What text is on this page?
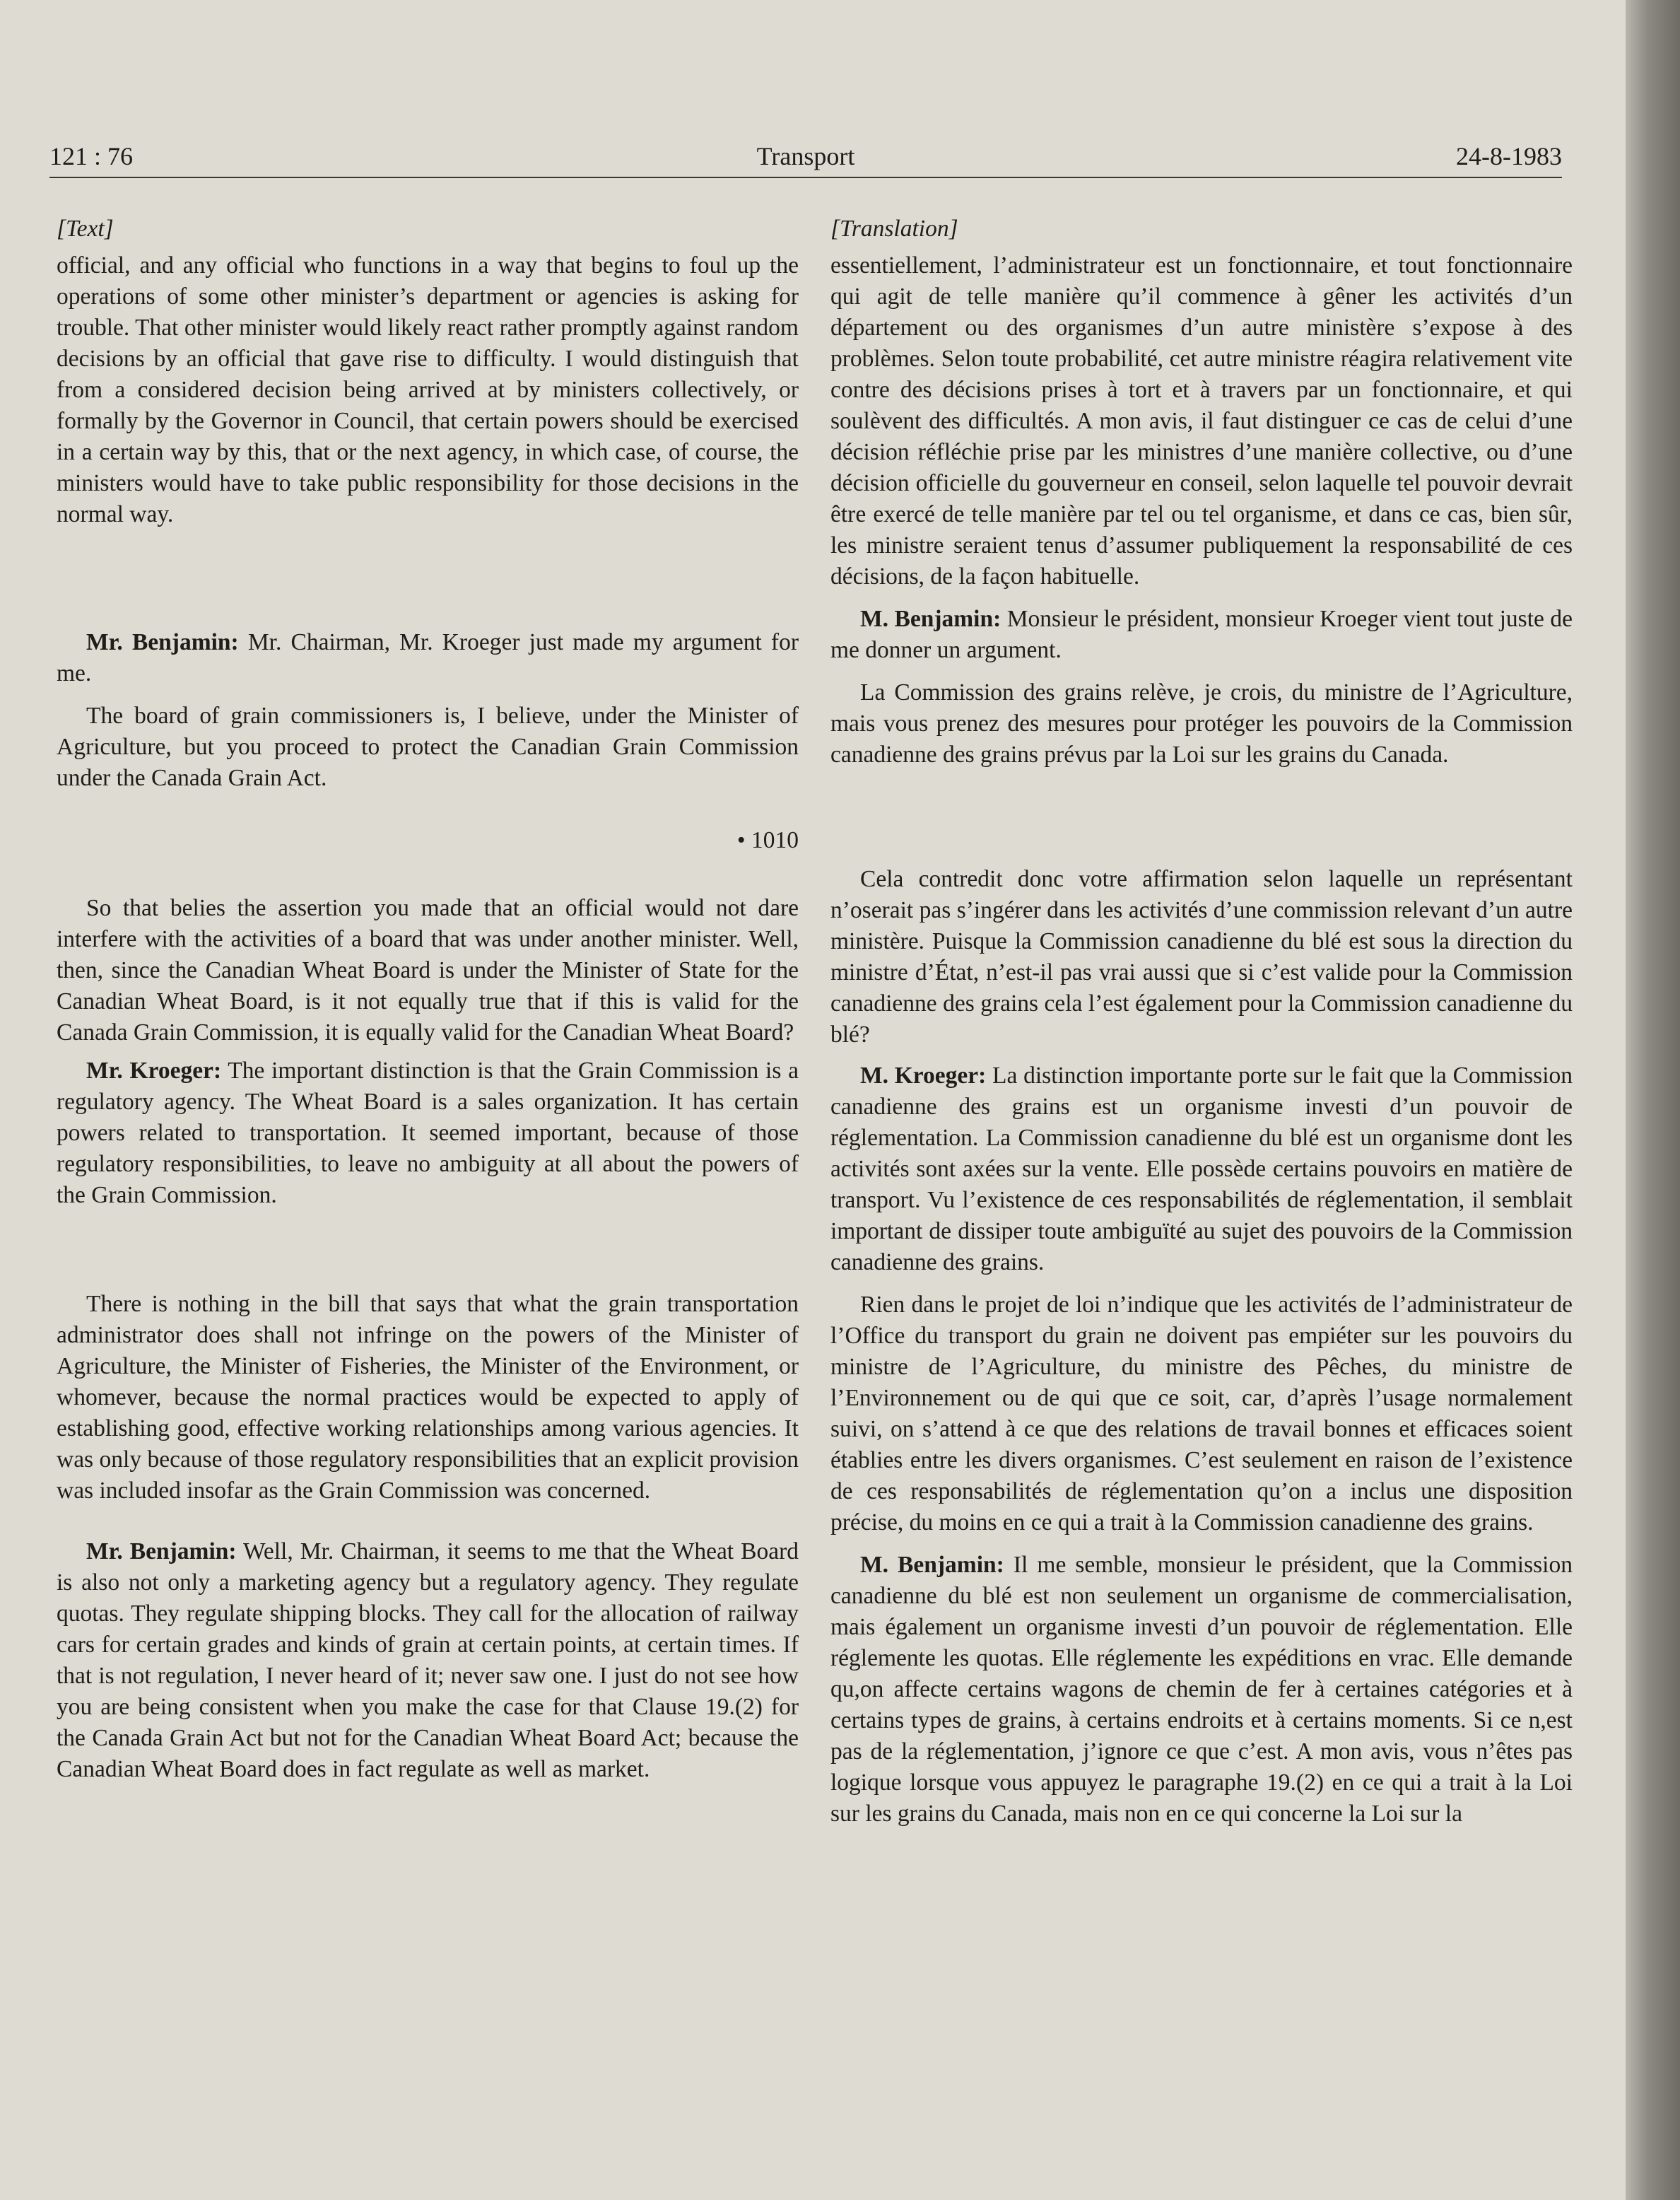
121 : 76	Transport	24-8-1983
[Text]

official, and any official who functions in a way that begins to foul up the operations of some other minister’s department or agencies is asking for trouble. That other minister would likely react rather promptly against random decisions by an official that gave rise to difficulty. I would distinguish that from a considered decision being arrived at by ministers collectively, or formally by the Governor in Council, that certain powers should be exercised in a certain way by this, that or the next agency, in which case, of course, the ministers would have to take public responsibility for those decisions in the normal way.

Mr. Benjamin: Mr. Chairman, Mr. Kroeger just made my argument for me.

The board of grain commissioners is, I believe, under the Minister of Agriculture, but you proceed to protect the Canadian Grain Commission under the Canada Grain Act.

• 1010

So that belies the assertion you made that an official would not dare interfere with the activities of a board that was under another minister. Well, then, since the Canadian Wheat Board is under the Minister of State for the Canadian Wheat Board, is it not equally true that if this is valid for the Canada Grain Commission, it is equally valid for the Canadian Wheat Board?

Mr. Kroeger: The important distinction is that the Grain Commission is a regulatory agency. The Wheat Board is a sales organization. It has certain powers related to transportation. It seemed important, because of those regulatory responsibilities, to leave no ambiguity at all about the powers of the Grain Commission.

There is nothing in the bill that says that what the grain transportation administrator does shall not infringe on the powers of the Minister of Agriculture, the Minister of Fisheries, the Minister of the Environment, or whomever, because the normal practices would be expected to apply of establishing good, effective working relationships among various agencies. It was only because of those regulatory responsibilities that an explicit provision was included insofar as the Grain Commission was concerned.

Mr. Benjamin: Well, Mr. Chairman, it seems to me that the Wheat Board is also not only a marketing agency but a regulatory agency. They regulate quotas. They regulate shipping blocks. They call for the allocation of railway cars for certain grades and kinds of grain at certain points, at certain times. If that is not regulation, I never heard of it; never saw one. I just do not see how you are being consistent when you make the case for that Clause 19.(2) for the Canada Grain Act but not for the Canadian Wheat Board Act; because the Canadian Wheat Board does in fact regulate as well as market.

[Translation]

essentiellement, l’administrateur est un fonctionnaire, et tout fonctionnaire qui agit de telle manière qu’il commence à gêner les activités d’un département ou des organismes d’un autre ministère s’expose à des problèmes. Selon toute probabilité, cet autre ministre réagira relativement vite contre des décisions prises à tort et à travers par un fonctionnaire, et qui soulèvent des difficultés. A mon avis, il faut distinguer ce cas de celui d’une décision réfléchie prise par les ministres d’une manière collective, ou d’une décision officielle du gouverneur en conseil, selon laquelle tel pouvoir devrait être exercé de telle manière par tel ou tel organisme, et dans ce cas, bien sûr, les ministre seraient tenus d’assumer publiquement la responsabilité de ces décisions, de la façon habituelle.

M. Benjamin: Monsieur le président, monsieur Kroeger vient tout juste de me donner un argument.

La Commission des grains relève, je crois, du ministre de l’Agriculture, mais vous prenez des mesures pour protéger les pouvoirs de la Commission canadienne des grains prévus par la Loi sur les grains du Canada.

Cela contredit donc votre affirmation selon laquelle un représentant n’oserait pas s’ingérer dans les activités d’une commission relevant d’un autre ministère. Puisque la Commission canadienne du blé est sous la direction du ministre d’État, n’est-il pas vrai aussi que si c’est valide pour la Commission canadienne des grains cela l’est également pour la Commission canadienne du blé?

M. Kroeger: La distinction importante porte sur le fait que la Commission canadienne des grains est un organisme investi d’un pouvoir de réglementation. La Commission canadienne du blé est un organisme dont les activités sont axées sur la vente. Elle possède certains pouvoirs en matière de transport. Vu l’existence de ces responsabilités de réglementation, il semblait important de dissiper toute ambiguïté au sujet des pouvoirs de la Commission canadienne des grains.

Rien dans le projet de loi n’indique que les activités de l’administrateur de l’Office du transport du grain ne doivent pas empiéter sur les pouvoirs du ministre de l’Agriculture, du ministre des Pêches, du ministre de l’Environnement ou de qui que ce soit, car, d’après l’usage normalement suivi, on s’attend à ce que des relations de travail bonnes et efficaces soient établies entre les divers organismes. C’est seulement en raison de l’existence de ces responsabilités de réglementation qu’on a inclus une disposition précise, du moins en ce qui a trait à la Commission canadienne des grains.

M. Benjamin: Il me semble, monsieur le président, que la Commission canadienne du blé est non seulement un organisme de commercialisation, mais également un organisme investi d’un pouvoir de réglementation. Elle réglemente les quotas. Elle réglemente les expéditions en vrac. Elle demande qu,on affecte certains wagons de chemin de fer à certaines catégories et à certains types de grains, à certains endroits et à certains moments. Si ce n,est pas de la réglementation, j’ignore ce que c’est. A mon avis, vous n’êtes pas logique lorsque vous appuyez le paragraphe 19.(2) en ce qui a trait à la Loi sur les grains du Canada, mais non en ce qui concerne la Loi sur la
